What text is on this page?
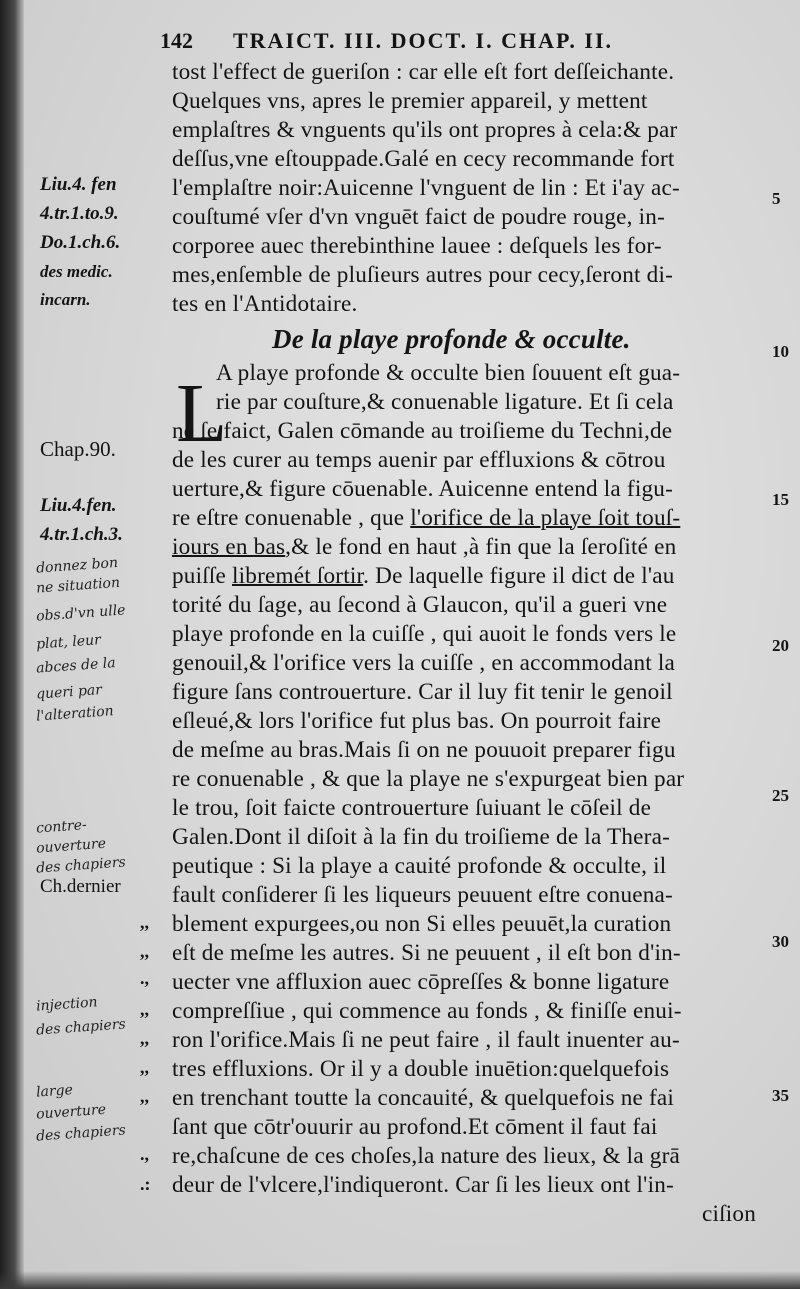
142 TRAICT. III. DOCT. I. CHAP. II.
tost l'effect de gueriſon : car elle eſt fort deſſeichante.
Quelques vns, apres le premier appareil, y mettent
emplaſtres & vnguents qu'ils ont propres à cela:& par
deſſus,vne eſtouppade.Galé en cecy recommande fort
l'emplaſtre noir:Auicenne l'vnguent de lin : Et i'ay ac-
couſtumé vſer d'vn vnguēt faict de poudre rouge, in-
corporee auec therebinthine lauee : deſquels les for-
mes,enſemble de pluſieurs autres pour cecy,ſeront di-
tes en l'Antidotaire.
De la playe profonde & occulte.
A playe profonde & occulte bien ſouuent eſt gua-
rie par couſture,& conuenable ligature. Et ſi cela
ne ſe faict, Galen cōmande au troiſieme du Techni,de
de les curer au temps auenir par effluxions & cōtrou
uerture,& figure cōuenable. Auicenne entend la figu-
re eſtre conuenable , que l'orifice de la playe ſoit touſ-
iours en bas,& le fond en haut ,à fin que la ſeroſité en
puiſſe libremét ſortir. De laquelle figure il dict de l'au
torité du ſage, au ſecond à Glaucon, qu'il a gueri vne
playe profonde en la cuiſſe , qui auoit le fonds vers le
genouil,& l'orifice vers la cuiſſe , en accommodant la
figure ſans controuerture. Car il luy fit tenir le genoil
eſleué,& lors l'orifice fut plus bas. On pourroit faire
de meſme au bras.Mais ſi on ne pouuoit preparer figu
re conuenable , & que la playe ne s'expurgeat bien par
le trou, ſoit faicte controuerture ſuiuant le cōſeil de
Galen.Dont il diſoit à la fin du troiſieme de la Thera-
peutique : Si la playe a cauité profonde & occulte, il
fault conſiderer ſi les liqueurs peuuent eſtre conuena-
blement expurgees,ou non Si elles peuuēt,la curation
eſt de meſme les autres. Si ne peuuent , il eſt bon d'in-
uecter vne affluxion auec cōpreſſes & bonne ligature
compreſſiue , qui commence au fonds , & finiſſe enui-
ron l'orifice.Mais ſi ne peut faire , il fault inuenter au-
tres effluxions. Or il y a double inuētion:quelquefois
en trenchant toutte la concauité, & quelquefois ne fai
ſant que cōtr'ouurir au profond.Et cōment il faut fai
re,chaſcune de ces choſes,la nature des lieux, & la grā
deur de l'vlcere,l'indiqueront. Car ſi les lieux ont l'in-
ciſion
L
Liu.4. fen
4.tr.1.to.9.
Do.1.ch.6.
des medic.
incarn.
Chap.90.
Liu.4.fen.
4.tr.1.ch.3.
Ch.dernier
donnez bon
ne situation
obs.d'vn ulle
plat, leur
abces de la
queri par
l'alteration
contre-
ouverture
des chapiers
injection
des chapiers
large
ouverture
des chapiers
,,
,,
.,
,,
,,
,,
,,
.,
.:
5
10
15
20
25
30
35
